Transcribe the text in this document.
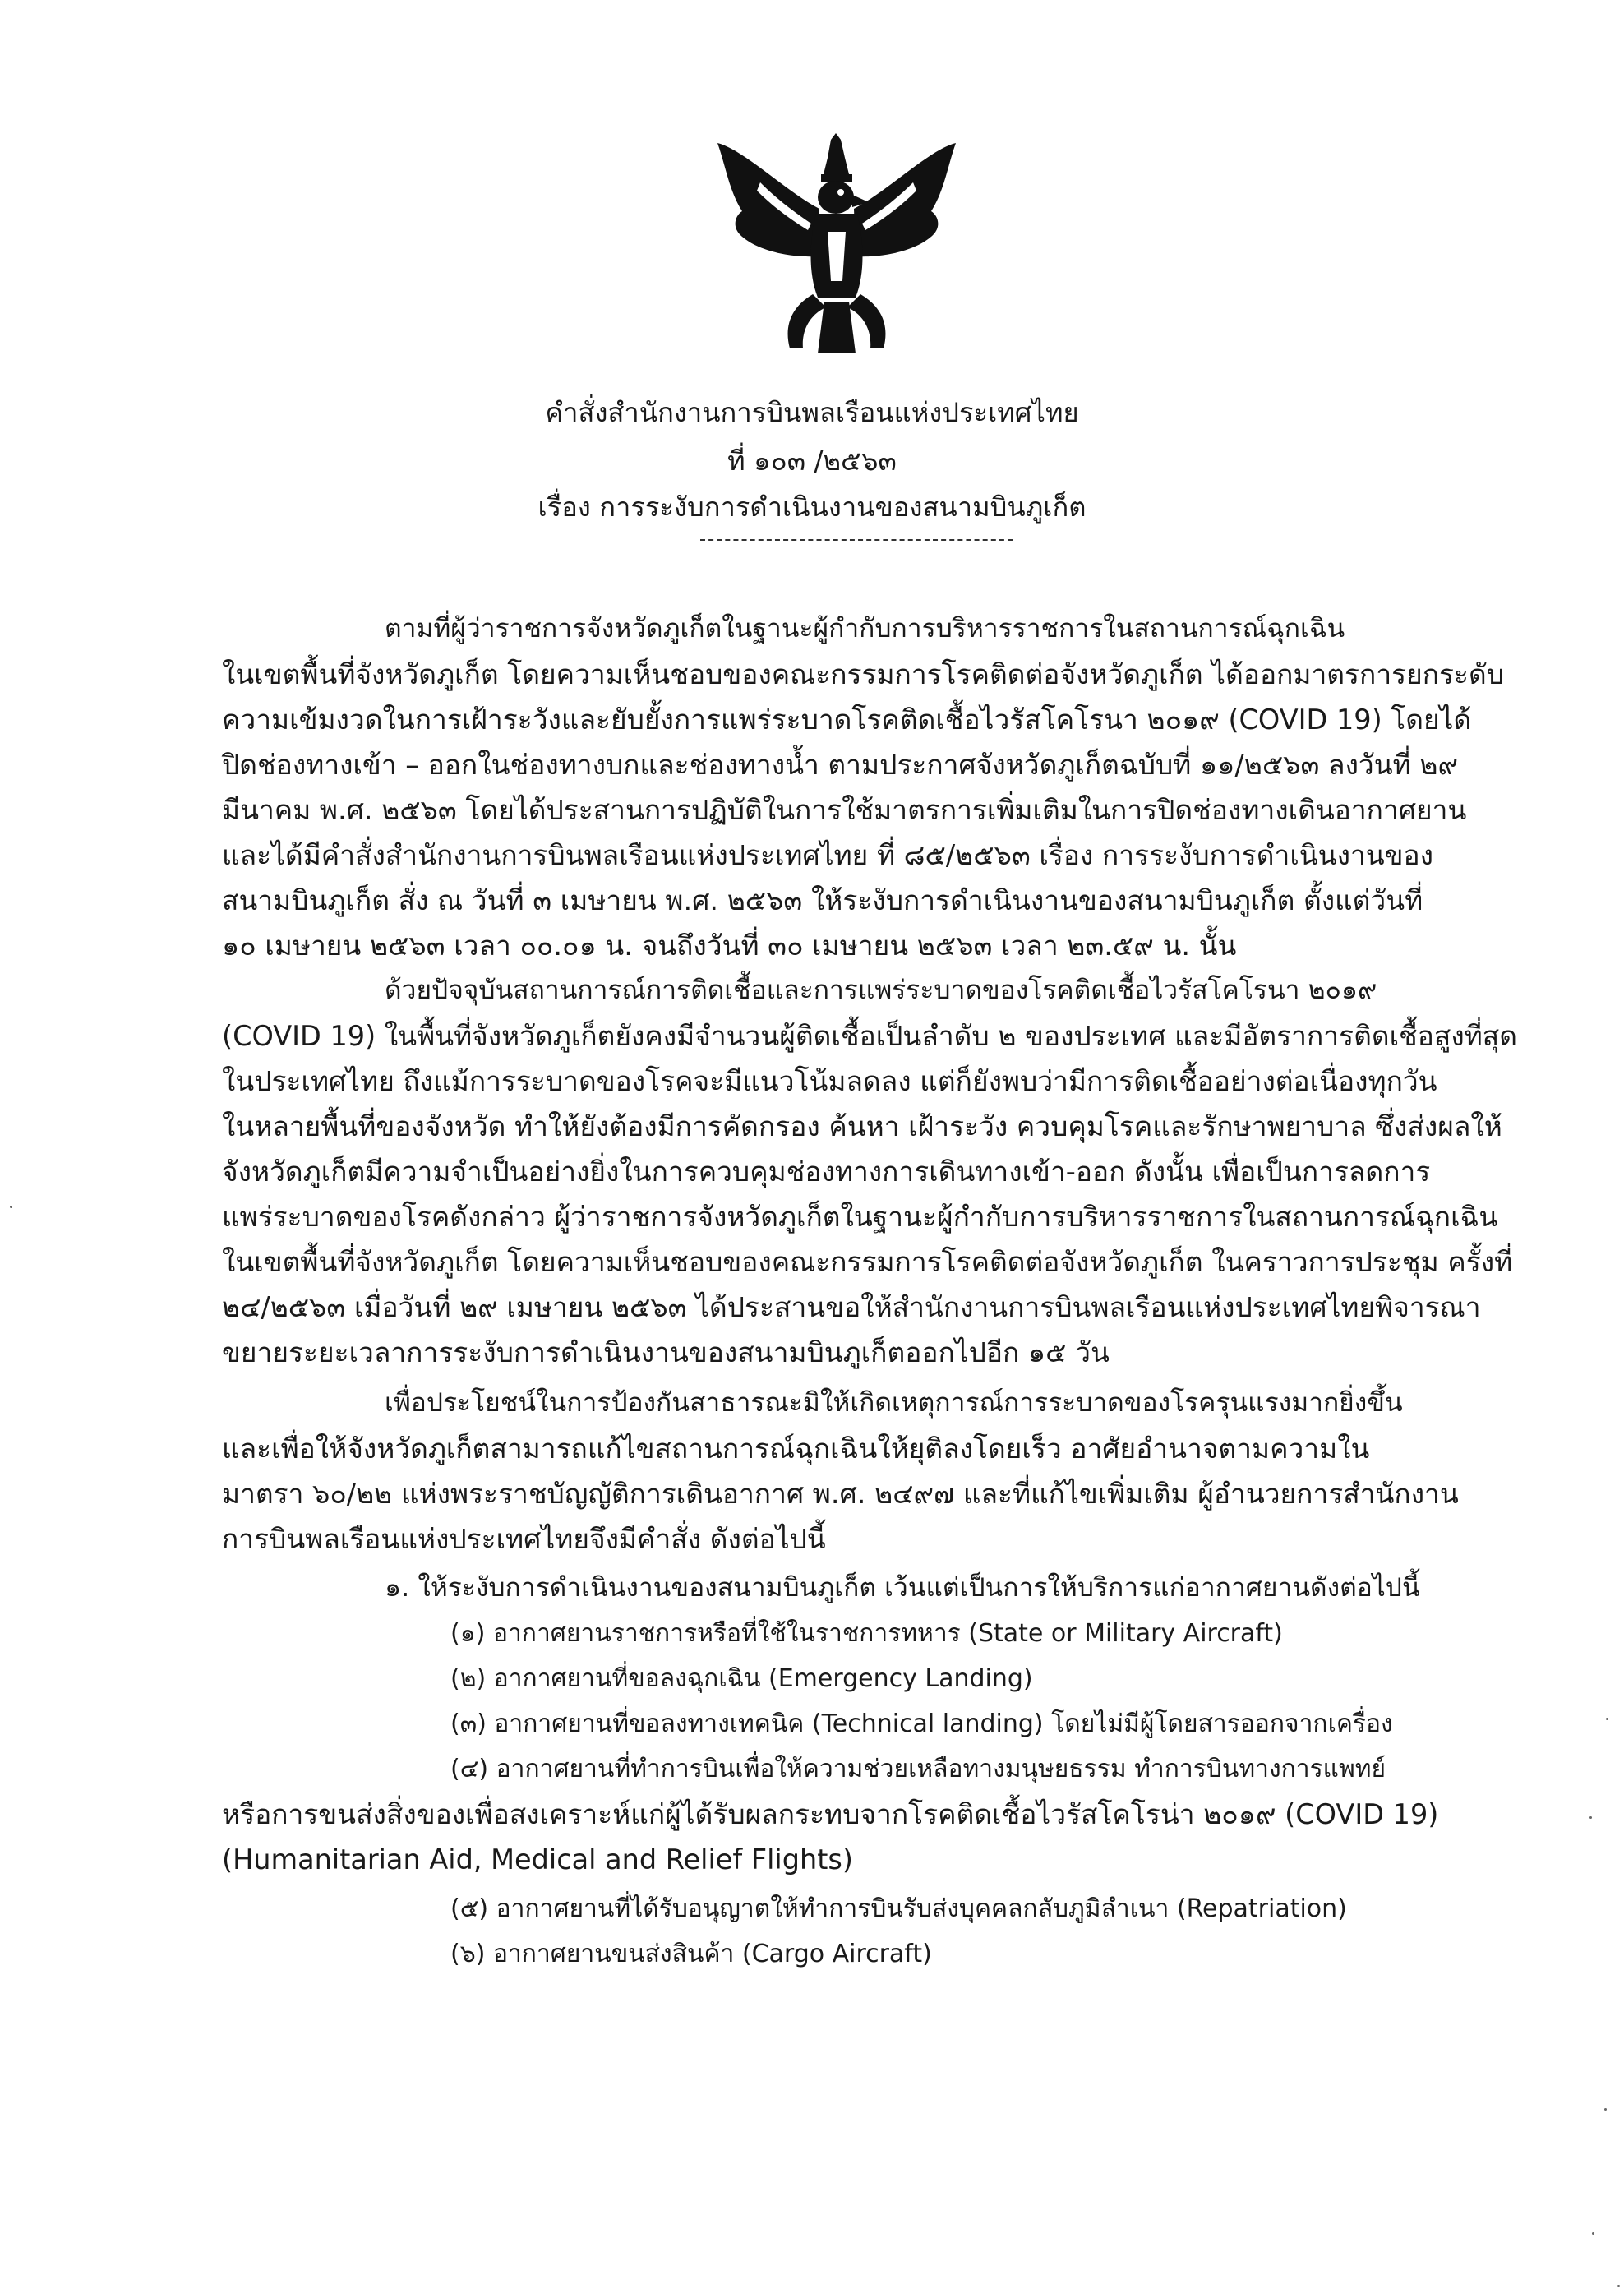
คำสั่งสำนักงานการบินพลเรือนแห่งประเทศไทย
ที่ ๑๐๓ /๒๕๖๓
เรื่อง การระงับการดำเนินงานของสนามบินภูเก็ต
ตามที่ผู้ว่าราชการจังหวัดภูเก็ตในฐานะผู้กำกับการบริหารราชการในสถานการณ์ฉุกเฉิน
ในเขตพื้นที่จังหวัดภูเก็ต โดยความเห็นชอบของคณะกรรมการโรคติดต่อจังหวัดภูเก็ต ได้ออกมาตรการยกระดับ
ความเข้มงวดในการเฝ้าระวังและยับยั้งการแพร่ระบาดโรคติดเชื้อไวรัสโคโรนา ๒๐๑๙ (COVID 19) โดยได้
ปิดช่องทางเข้า – ออกในช่องทางบกและช่องทางน้ำ ตามประกาศจังหวัดภูเก็ตฉบับที่ ๑๑/๒๕๖๓ ลงวันที่ ๒๙
มีนาคม พ.ศ. ๒๕๖๓ โดยได้ประสานการปฏิบัติในการใช้มาตรการเพิ่มเติมในการปิดช่องทางเดินอากาศยาน
และได้มีคำสั่งสำนักงานการบินพลเรือนแห่งประเทศไทย ที่ ๘๕/๒๕๖๓ เรื่อง การระงับการดำเนินงานของ
สนามบินภูเก็ต สั่ง ณ วันที่ ๓ เมษายน พ.ศ. ๒๕๖๓ ให้ระงับการดำเนินงานของสนามบินภูเก็ต ตั้งแต่วันที่
๑๐ เมษายน ๒๕๖๓ เวลา ๐๐.๐๑ น. จนถึงวันที่ ๓๐ เมษายน ๒๕๖๓ เวลา ๒๓.๕๙ น. นั้น
ด้วยปัจจุบันสถานการณ์การติดเชื้อและการแพร่ระบาดของโรคติดเชื้อไวรัสโคโรนา ๒๐๑๙
(COVID 19) ในพื้นที่จังหวัดภูเก็ตยังคงมีจำนวนผู้ติดเชื้อเป็นลำดับ ๒ ของประเทศ และมีอัตราการติดเชื้อสูงที่สุด
ในประเทศไทย ถึงแม้การระบาดของโรคจะมีแนวโน้มลดลง แต่ก็ยังพบว่ามีการติดเชื้ออย่างต่อเนื่องทุกวัน
ในหลายพื้นที่ของจังหวัด ทำให้ยังต้องมีการคัดกรอง ค้นหา เฝ้าระวัง ควบคุมโรคและรักษาพยาบาล ซึ่งส่งผลให้
จังหวัดภูเก็ตมีความจำเป็นอย่างยิ่งในการควบคุมช่องทางการเดินทางเข้า-ออก ดังนั้น เพื่อเป็นการลดการ
แพร่ระบาดของโรคดังกล่าว ผู้ว่าราชการจังหวัดภูเก็ตในฐานะผู้กำกับการบริหารราชการในสถานการณ์ฉุกเฉิน
ในเขตพื้นที่จังหวัดภูเก็ต โดยความเห็นชอบของคณะกรรมการโรคติดต่อจังหวัดภูเก็ต ในคราวการประชุม ครั้งที่
๒๔/๒๕๖๓ เมื่อวันที่ ๒๙ เมษายน ๒๕๖๓ ได้ประสานขอให้สำนักงานการบินพลเรือนแห่งประเทศไทยพิจารณา
ขยายระยะเวลาการระงับการดำเนินงานของสนามบินภูเก็ตออกไปอีก ๑๕ วัน
เพื่อประโยชน์ในการป้องกันสาธารณะมิให้เกิดเหตุการณ์การระบาดของโรครุนแรงมากยิ่งขึ้น
และเพื่อให้จังหวัดภูเก็ตสามารถแก้ไขสถานการณ์ฉุกเฉินให้ยุติลงโดยเร็ว อาศัยอำนาจตามความใน
มาตรา ๖๐/๒๒ แห่งพระราชบัญญัติการเดินอากาศ พ.ศ. ๒๔๙๗ และที่แก้ไขเพิ่มเติม ผู้อำนวยการสำนักงาน
การบินพลเรือนแห่งประเทศไทยจึงมีคำสั่ง ดังต่อไปนี้
๑. ให้ระงับการดำเนินงานของสนามบินภูเก็ต เว้นแต่เป็นการให้บริการแก่อากาศยานดังต่อไปนี้
(๑) อากาศยานราชการหรือที่ใช้ในราชการทหาร (State or Military Aircraft)
(๒) อากาศยานที่ขอลงฉุกเฉิน (Emergency Landing)
(๓) อากาศยานที่ขอลงทางเทคนิค (Technical landing) โดยไม่มีผู้โดยสารออกจากเครื่อง
(๔) อากาศยานที่ทำการบินเพื่อให้ความช่วยเหลือทางมนุษยธรรม ทำการบินทางการแพทย์
หรือการขนส่งสิ่งของเพื่อสงเคราะห์แก่ผู้ได้รับผลกระทบจากโรคติดเชื้อไวรัสโคโรน่า ๒๐๑๙ (COVID 19)
(Humanitarian Aid, Medical and Relief Flights)
(๕) อากาศยานที่ได้รับอนุญาตให้ทำการบินรับส่งบุคคลกลับภูมิลำเนา (Repatriation)
(๖) อากาศยานขนส่งสินค้า (Cargo Aircraft)
